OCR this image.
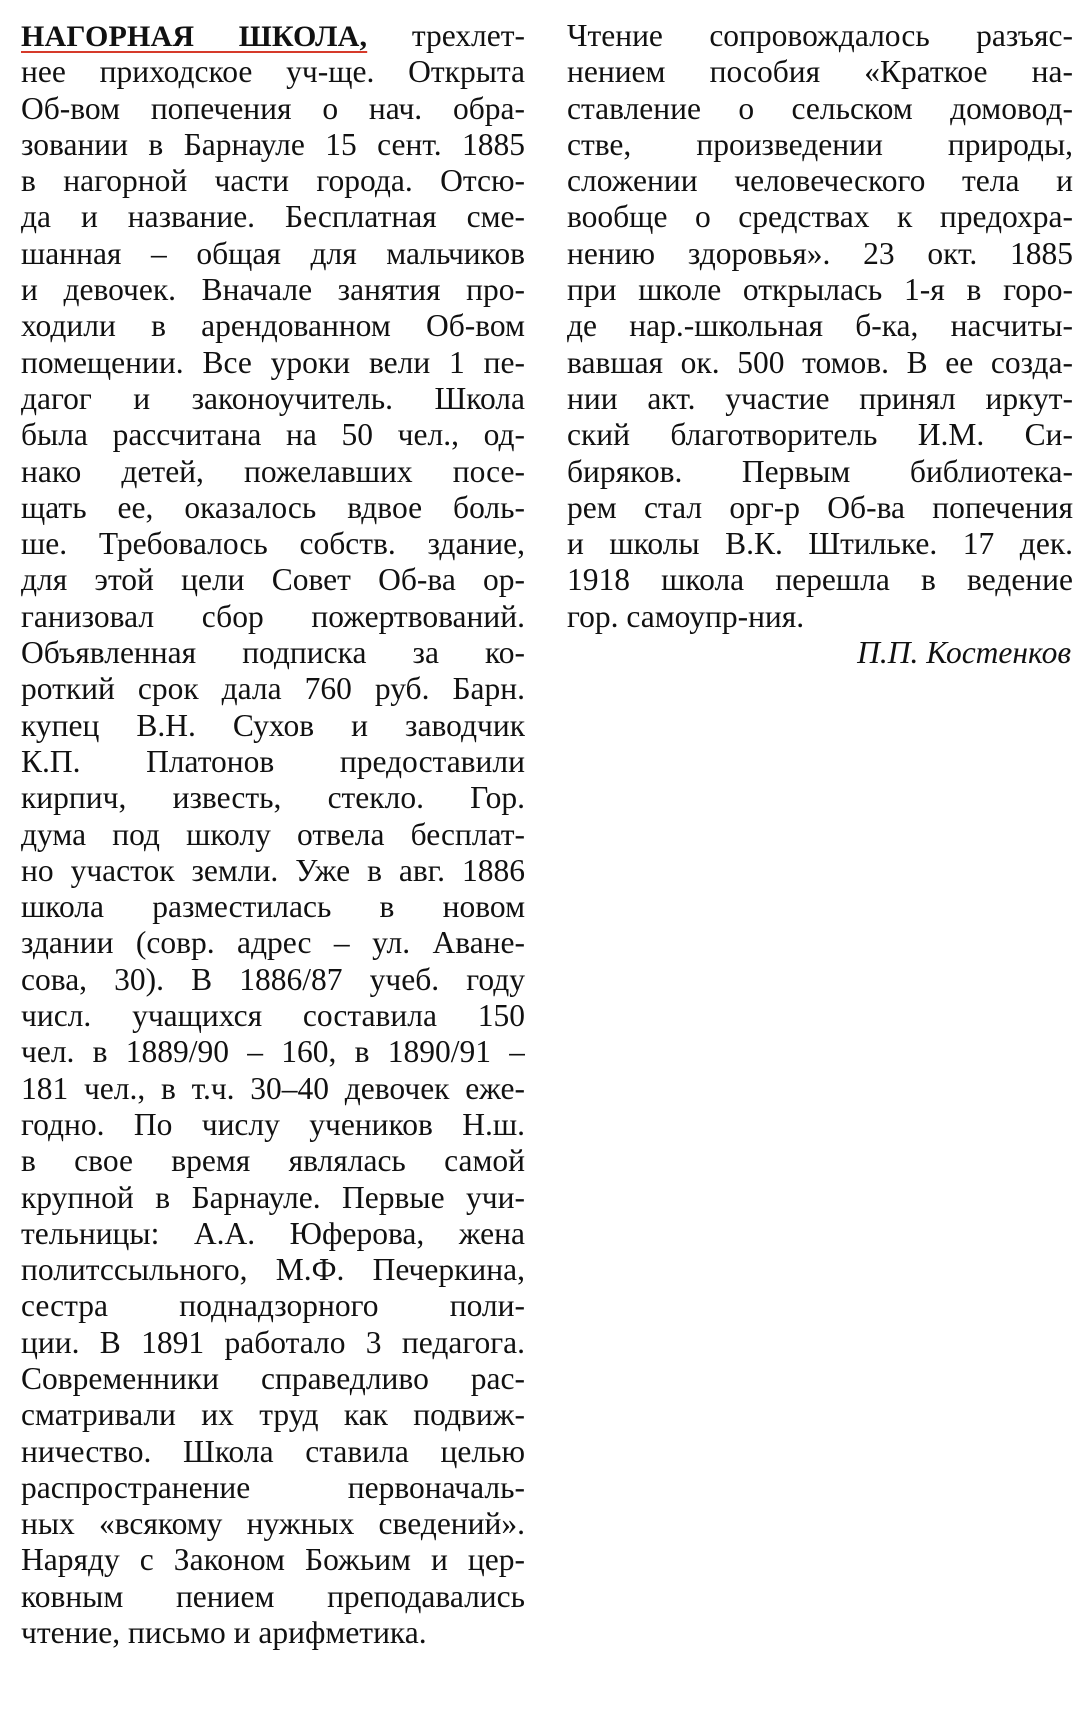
НАГОРНАЯ ШКОЛА, трехлет-
нее приходское уч-ще. Открыта
Об-вом попечения о нач. обра-
зовании в Барнауле 15 сент. 1885
в нагорной части города. Отсю-
да и название. Бесплатная сме-
шанная – общая для мальчиков
и девочек. Вначале занятия про-
ходили в арендованном Об-вом
помещении. Все уроки вели 1 пе-
дагог и законоучитель. Школа
была рассчитана на 50 чел., од-
нако детей, пожелавших посе-
щать ее, оказалось вдвое боль-
ше. Требовалось собств. здание,
для этой цели Совет Об-ва ор-
ганизовал сбор пожертвований.
Объявленная подписка за ко-
роткий срок дала 760 руб. Барн.
купец В.Н. Сухов и заводчик
К.П. Платонов предоставили
кирпич, известь, стекло. Гор.
дума под школу отвела бесплат-
но участок земли. Уже в авг. 1886
школа разместилась в новом
здании (совр. адрес – ул. Аване-
сова, 30). В 1886/87 учеб. году
числ. учащихся составила 150
чел. в 1889/90 – 160, в 1890/91 –
181 чел., в т.ч. 30–40 девочек еже-
годно. По числу учеников Н.ш.
в свое время являлась самой
крупной в Барнауле. Первые учи-
тельницы: А.А. Юферова, жена
политссыльного, М.Ф. Печеркина,
сестра поднадзорного поли-
ции. В 1891 работало 3 педагога.
Современники справедливо рас-
сматривали их труд как подвиж-
ничество. Школа ставила целью
распространение первоначаль-
ных «всякому нужных сведений».
Наряду с Законом Божьим и цер-
ковным пением преподавались
чтение, письмо и арифметика.
Чтение сопровождалось разъяс-
нением пособия «Краткое на-
ставление о сельском домовод-
стве, произведении природы,
сложении человеческого тела и
вообще о средствах к предохра-
нению здоровья». 23 окт. 1885
при школе открылась 1-я в горо-
де нар.-школьная б-ка, насчиты-
вавшая ок. 500 томов. В ее созда-
нии акт. участие принял иркут-
ский благотворитель И.М. Си-
биряков. Первым библиотека-
рем стал орг-р Об-ва попечения
и школы В.К. Штильке. 17 дек.
1918 школа перешла в ведение
гор. самоупр-ния.
П.П. Костенков
